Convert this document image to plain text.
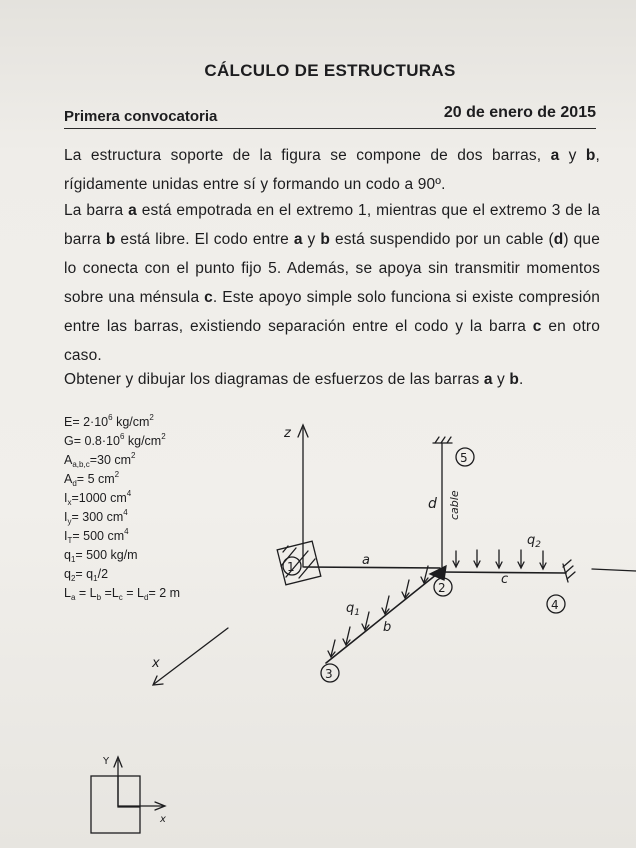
CÁLCULO DE ESTRUCTURAS
Primera convocatoria	20 de enero de 2015
La estructura soporte de la figura se compone de dos barras, a y b, rígidamente unidas entre sí y formando un codo a 90º.
La barra a está empotrada en el extremo 1, mientras que el extremo 3 de la barra b está libre. El codo entre a y b está suspendido por un cable (d) que lo conecta con el punto fijo 5. Además, se apoya sin transmitir momentos sobre una ménsula c. Este apoyo simple solo funciona si existe compresión entre las barras, existiendo separación entre el codo y la barra c en otro caso.
Obtener y dibujar los diagramas de esfuerzos de las barras a y b.
$E= 2\cdot 10^6$ $kg/cm^2$
$G= 0.8\cdot 10^6$ $kg/cm^2$
$A_{a,b,c}=30$ $cm^2$
$A_d= 5$ $cm^2$
$I_x=1000$ $cm^4$
$I_y= 300$ $cm^4$
$I_T= 500$ $cm^4$
$q_1= 500$ kg/m
$q_2= q_1/2$
$L_a = L_b =L_c = L_d= 2$ m
z
x
1
2
3
4
5
a
b
c
d cable
$q_1$
$q_2$
Y
x
